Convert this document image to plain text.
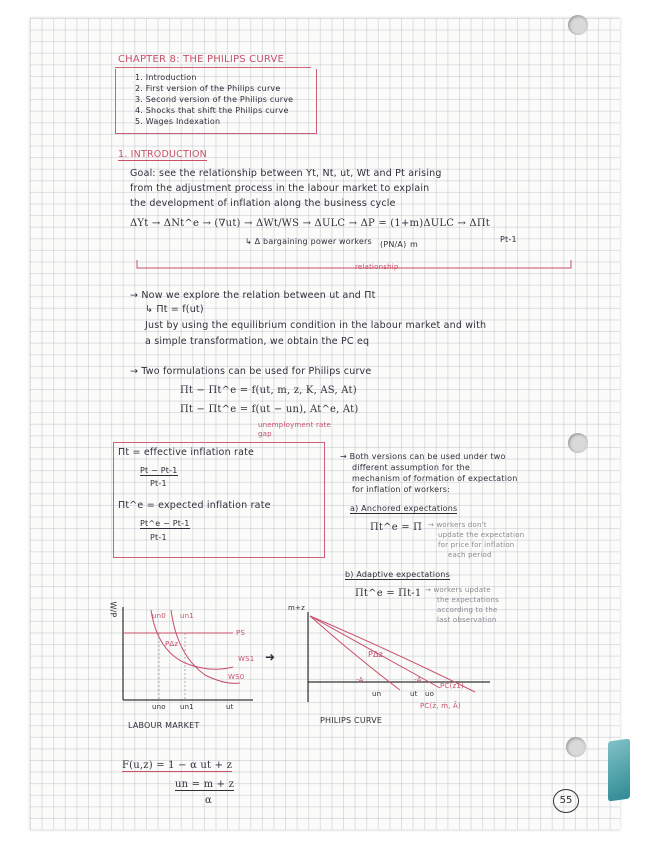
CHAPTER 8: THE PHILIPS CURVE
1. Introduction
2. First version of the Philips curve
3. Second version of the Philips curve
4. Shocks that shift the Philips curve
5. Wages Indexation
1. INTRODUCTION
Goal: see the relationship between Yt, Nt, ut, Wt and Pt arising
from the adjustment process in the labour market to explain
the development of inflation along the business cycle
ΔYt → ΔNt^e → (∇ut) → ΔWt/WS → ΔULC → ΔP = (1+m)ΔULC → ΔΠt
↳ Δ bargaining power workers (PN/A) m
Pt-1
relationship
→ Now we explore the relation between ut and Πt
↳ Πt = f(ut)
Just by using the equilibrium condition in the labour market and with
a simple transformation, we obtain the PC eq
→ Two formulations can be used for Philips curve
Πt − Πt^e = f(ut, m, z, K, AS, At)
Πt − Πt^e = f(ut − un), At^e, At)
unemployment rate gap
Πt = effective inflation rate
Pt − Pt-1
Pt-1
Πt^e = expected inflation rate
Pt^e − Pt-1
Pt-1
→ Both versions can be used under two
different assumption for the
mechanism of formation of expectation
for inflation of workers:
a) Anchored expectations
Πt^e = Π̄ → workers don't
update the expectation
for price for inflation
each period
b) Adaptive expectations
Πt^e = Πt-1 → workers update
the expectations
according to the
last observation
W/P	un0 un1
PS
PΔz
WS1
WS0
uno un1	ut
LABOUR MARKET
➜
m+z
PΔz
-A	-A
un	uo
ut
PC(z1)
PC(z̄, m̄, Ā)
PHILIPS CURVE
F(u,z) = 1 − α ut + z
un = m + z
α	55
